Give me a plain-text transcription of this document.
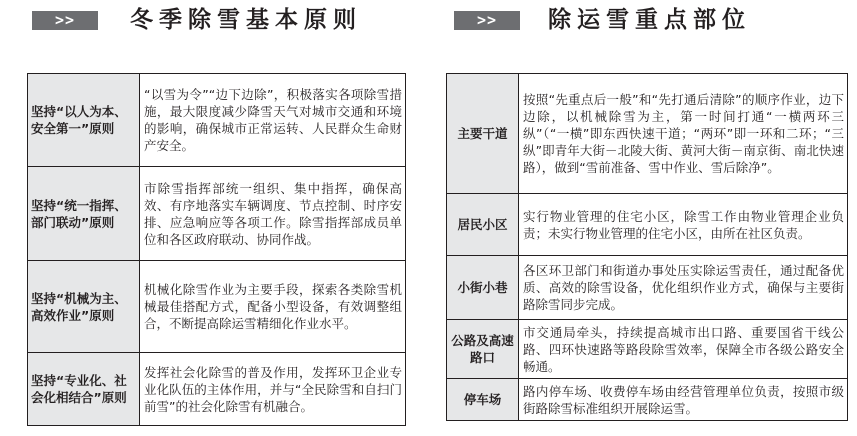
>>	冬季除雪基本原则
坚持“以人为本、安全第一”原则	“以雪为令”“边下边除”，积极落实各项除雪措施，最大限度减少降雪天气对城市交通和环境的影响，确保城市正常运转、人民群众生命财产安全。
坚持“统一指挥、部门联动”原则	市除雪指挥部统一组织、集中指挥，确保高效、有序地落实车辆调度、节点控制、时序安排、应急响应等各项工作。除雪指挥部成员单位和各区政府联动、协同作战。
坚持“机械为主、高效作业”原则	机械化除雪作业为主要手段，探索各类除雪机械最佳搭配方式，配备小型设备，有效调整组合，不断提高除运雪精细化作业水平。
坚持“专业化、社会化相结合”原则	发挥社会化除雪的普及作用，发挥环卫企业专业化队伍的主体作用，并与“全民除雪和自扫门前雪”的社会化除雪有机融合。
>>	除运雪重点部位
主要干道	按照“先重点后一般”和“先打通后清除”的顺序作业，边下边除，以机械除雪为主，第一时间打通“一横两环三纵”（“一横”即东西快速干道；“两环”即一环和二环；“三纵”即青年大街－北陵大街、黄河大街－南京街、南北快速路），做到“雪前准备、雪中作业、雪后除净”。
居民小区	实行物业管理的住宅小区，除雪工作由物业管理企业负责；未实行物业管理的住宅小区，由所在社区负责。
小街小巷	各区环卫部门和街道办事处压实除运雪责任，通过配备优质、高效的除雪设备，优化组织作业方式，确保与主要街路除雪同步完成。
公路及高速路口	市交通局牵头，持续提高城市出口路、重要国省干线公路、四环快速路等路段除雪效率，保障全市各级公路安全畅通。
停车场	路内停车场、收费停车场由经营管理单位负责，按照市级街路除雪标准组织开展除运雪。
